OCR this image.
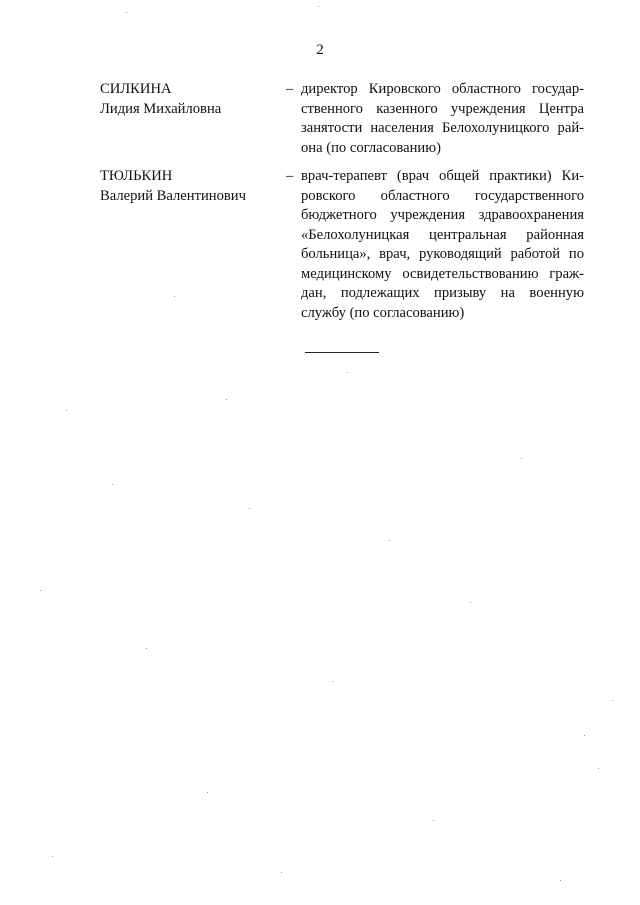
2
СИЛКИНА
Лидия Михайловна
– директор Кировского областного государ-
ственного казенного учреждения Центра
занятости населения Белохолуницкого рай-
она (по согласованию)
ТЮЛЬКИН
Валерий Валентинович
– врач-терапевт (врач общей практики) Ки-
ровского областного государственного
бюджетного учреждения здравоохранения
«Белохолуницкая центральная районная
больница», врач, руководящий работой по
медицинскому освидетельствованию граж-
дан, подлежащих призыву на военную
службу (по согласованию)
